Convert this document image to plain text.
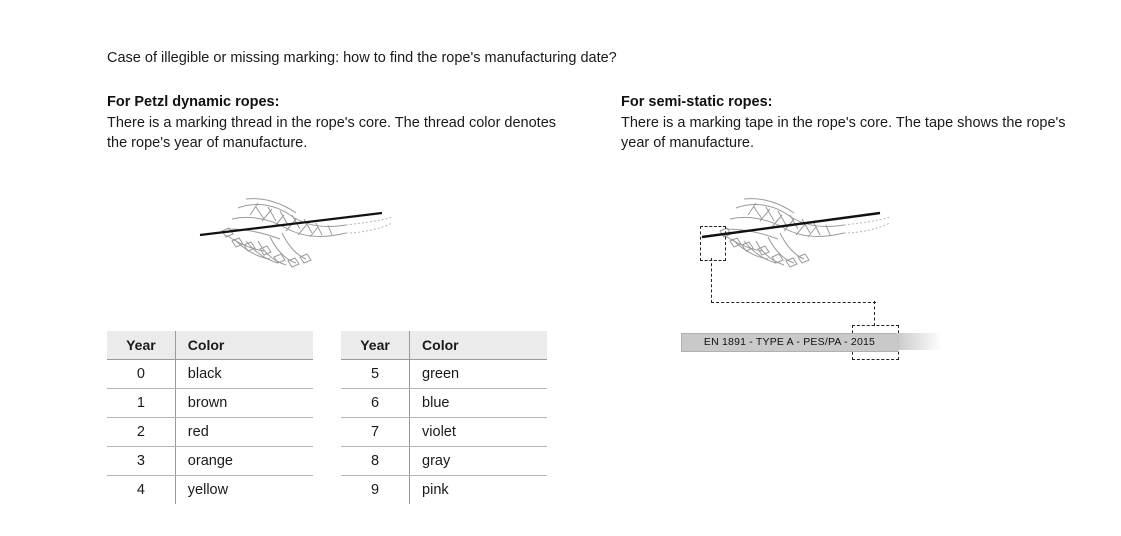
Case of illegible or missing marking: how to find the rope's manufacturing date?
For Petzl dynamic ropes:
There is a marking thread in the rope's core. The thread color denotes
the rope's year of manufacture.
For semi-static ropes:
There is a marking tape in the rope's core. The tape shows the rope's
year of manufacture.
EN 1891 - TYPE A - PES/PA - 2015
Year	Color
0	black
1	brown
2	red
3	orange
4	yellow
Year	Color
5	green
6	blue
7	violet
8	gray
9	pink
